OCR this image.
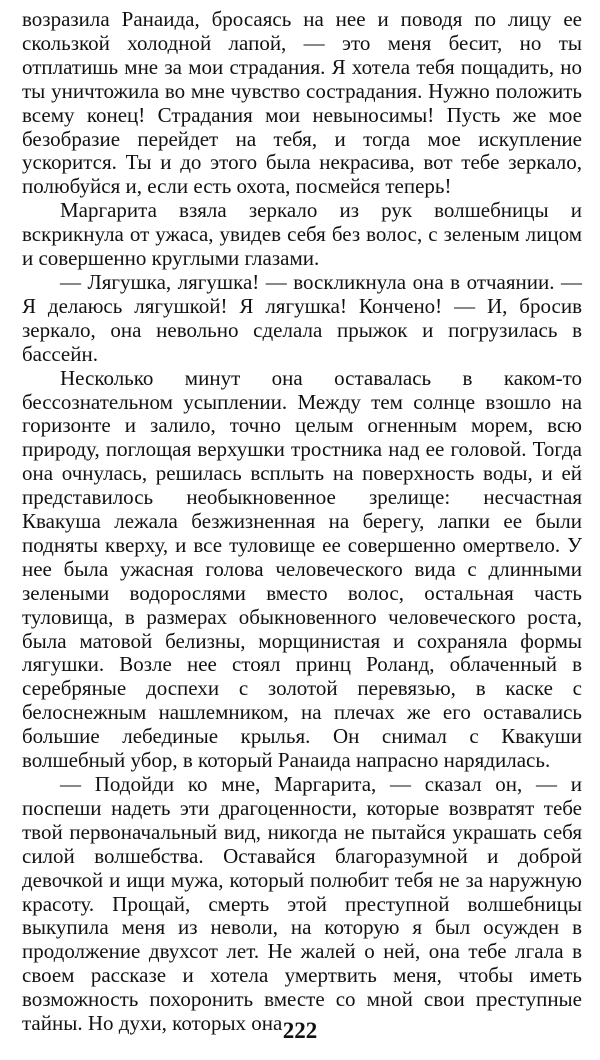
возразила Ранаида, бросаясь на нее и поводя по лицу ее скользкой холодной лапой, — это меня бесит, но ты отплатишь мне за мои страдания. Я хотела тебя пощадить, но ты уничтожила во мне чувство сострадания. Нужно положить всему конец! Страдания мои невыносимы! Пусть же мое безобразие перейдет на тебя, и тогда мое искупление ускорится. Ты и до этого была некрасива, вот тебе зеркало, полюбуйся и, если есть охота, посмейся теперь!

Маргарита взяла зеркало из рук волшебницы и вскрикнула от ужаса, увидев себя без волос, с зеленым лицом и совершенно круглыми глазами.

— Лягушка, лягушка! — воскликнула она в отчаянии. — Я делаюсь лягушкой! Я лягушка! Кончено! — И, бросив зеркало, она невольно сделала прыжок и погрузилась в бассейн.

Несколько минут она оставалась в каком-то бессознательном усыплении. Между тем солнце взошло на горизонте и залило, точно целым огненным морем, всю природу, поглощая верхушки тростника над ее головой. Тогда она очнулась, решилась всплыть на поверхность воды, и ей представилось необыкновенное зрелище: несчастная Квакуша лежала безжизненная на берегу, лапки ее были подняты кверху, и все туловище ее совершенно омертвело. У нее была ужасная голова человеческого вида с длинными зелеными водорослями вместо волос, остальная часть туловища, в размерах обыкновенного человеческого роста, была матовой белизны, морщинистая и сохраняла формы лягушки. Возле нее стоял принц Роланд, облаченный в серебряные доспехи с золотой перевязью, в каске с белоснежным нашлемником, на плечах же его оставались большие лебединые крылья. Он снимал с Квакуши волшебный убор, в который Ранаида напрасно нарядилась.

— Подойди ко мне, Маргарита, — сказал он, — и поспеши надеть эти драгоценности, которые возвратят тебе твой первоначальный вид, никогда не пытайся украшать себя силой волшебства. Оставайся благоразумной и доброй девочкой и ищи мужа, который полюбит тебя не за наружную красоту. Прощай, смерть этой преступной волшебницы выкупила меня из неволи, на которую я был осужден в продолжение двухсот лет. Не жалей о ней, она тебе лгала в своем рассказе и хотела умертвить меня, чтобы иметь возможность похоронить вместе со мной свои преступные тайны. Но духи, которых она 222
